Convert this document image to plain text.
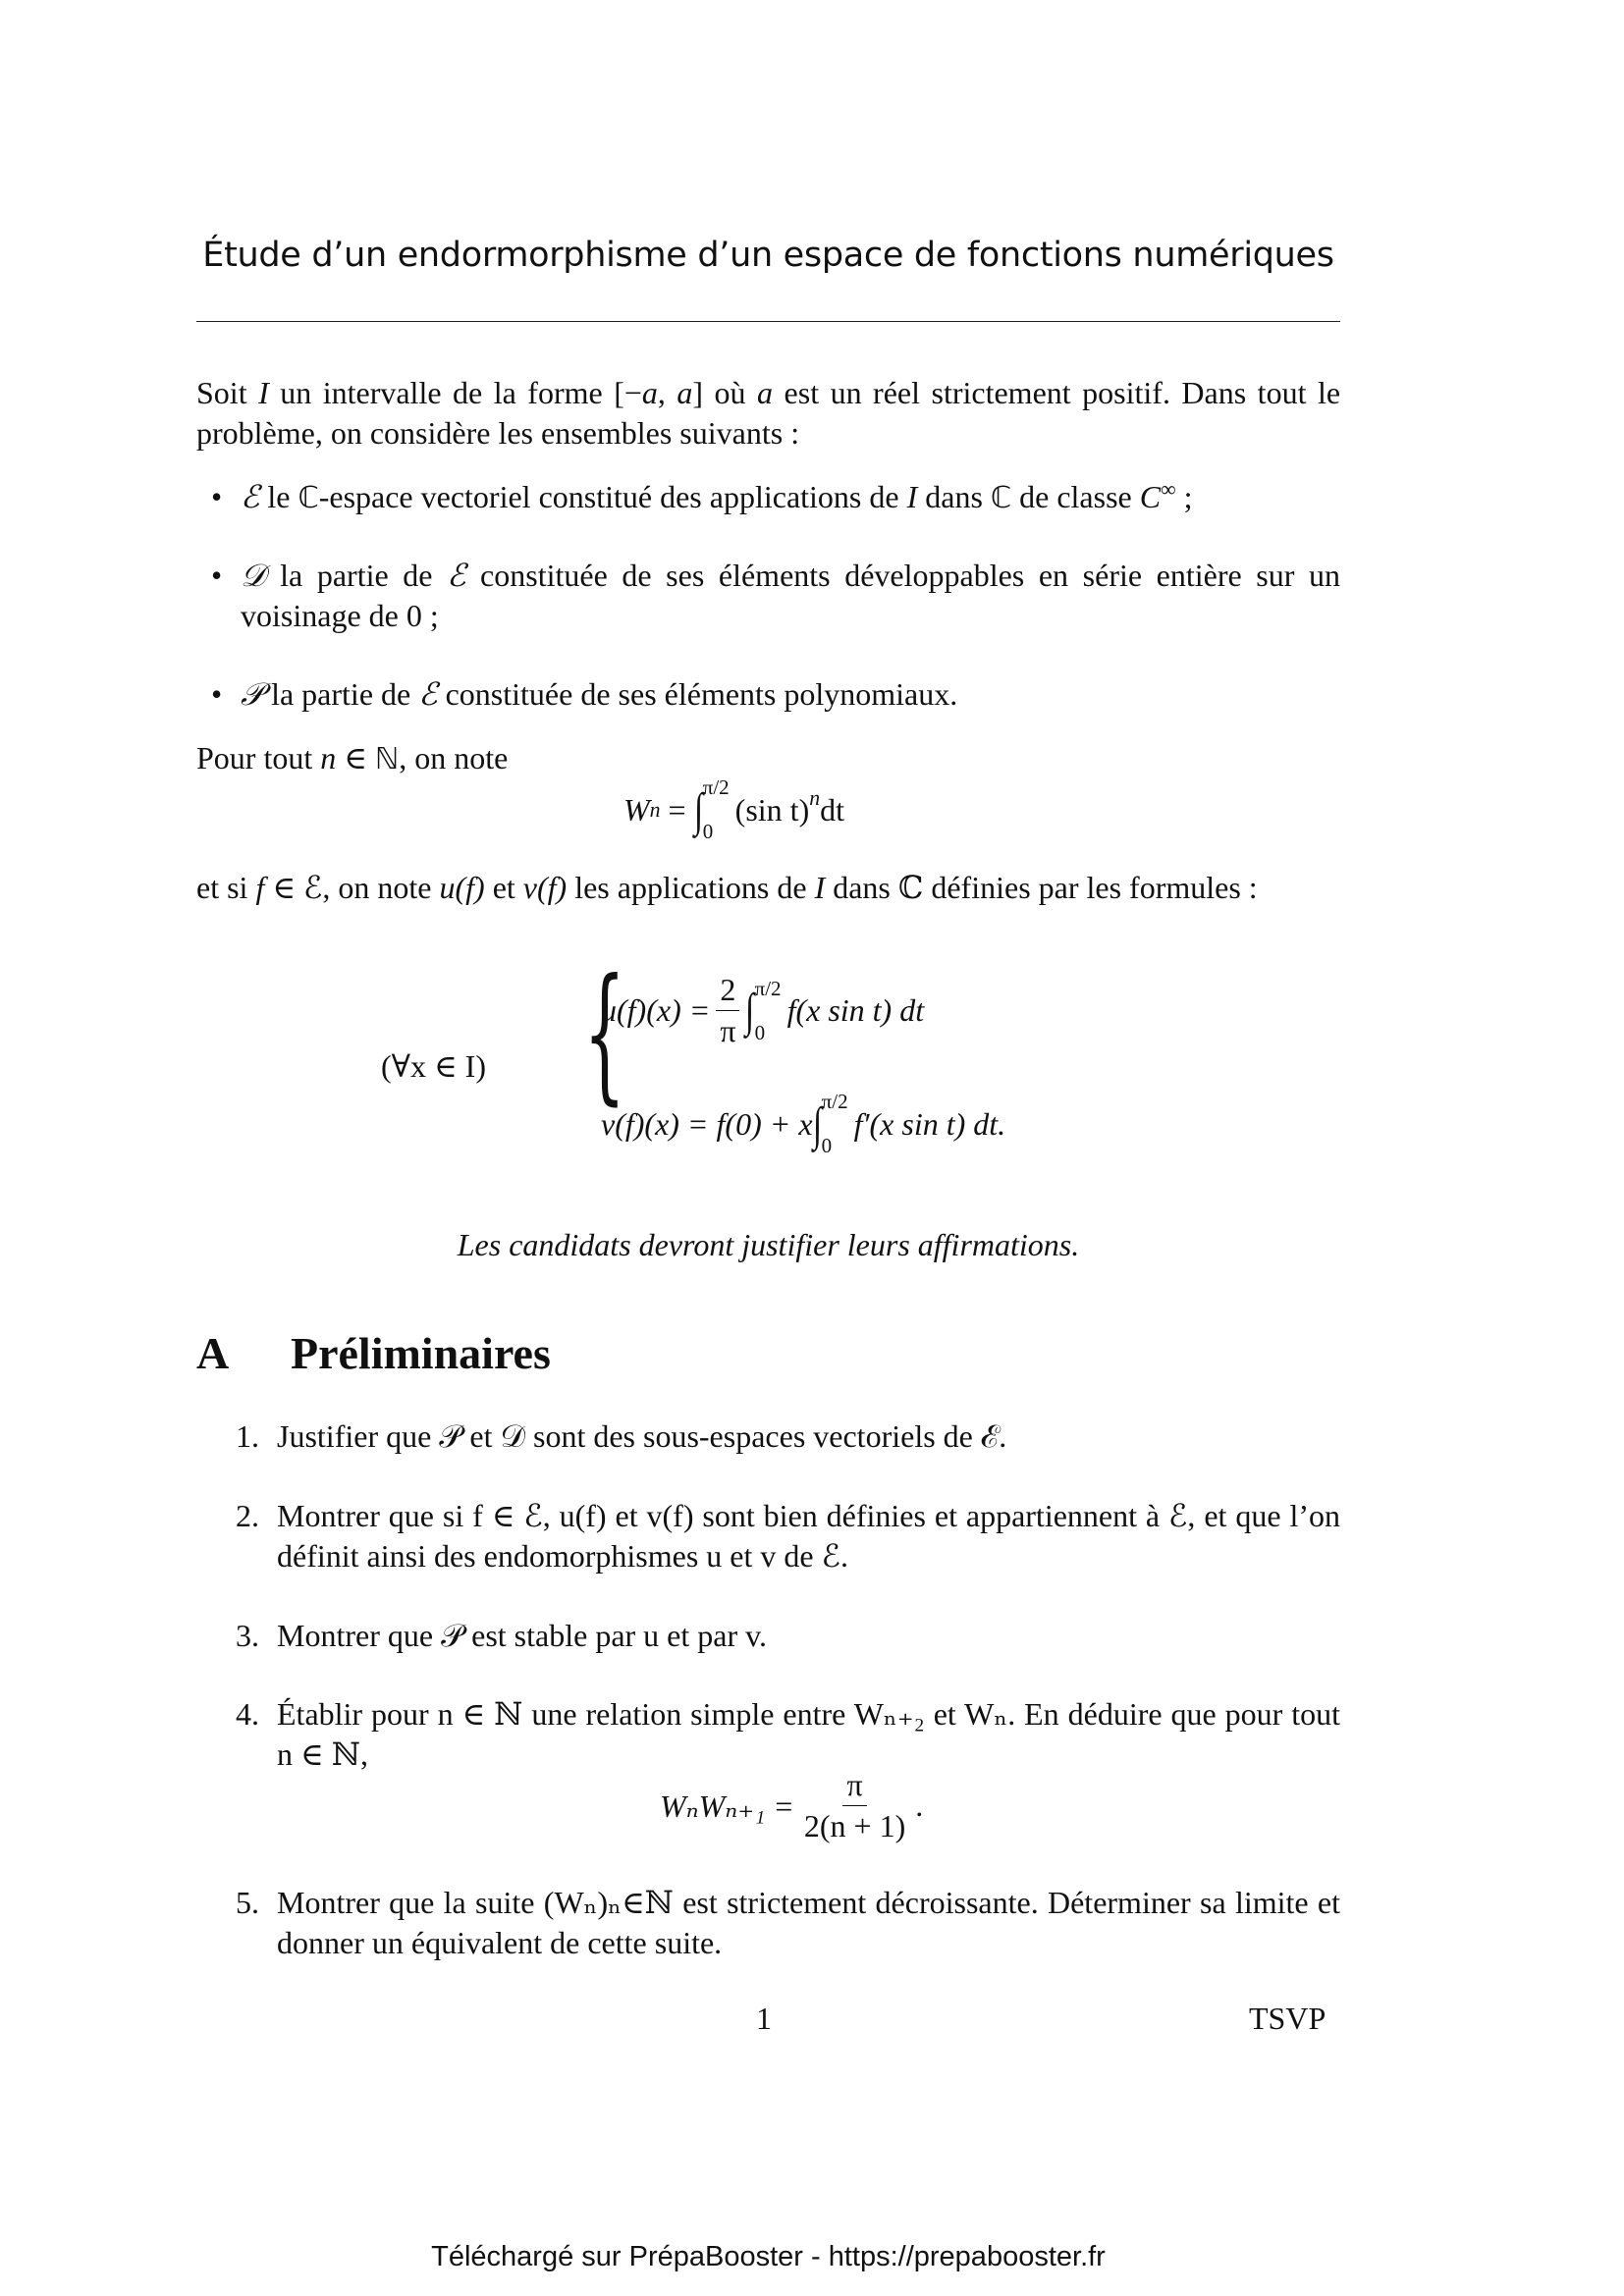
Étude d’un endormorphisme d’un espace de fonctions numériques
Soit I un intervalle de la forme [−a, a] où a est un réel strictement positif. Dans tout le problème, on considère les ensembles suivants :
• ℰ le ℂ-espace vectoriel constitué des applications de I dans ℂ de classe C∞ ;
• 𝒟 la partie de ℰ constituée de ses éléments développables en série entière sur un voisinage de 0 ;
• 𝒫 la partie de ℰ constituée de ses éléments polynomiaux.
Pour tout n ∈ ℕ, on note
W n = ∫ π/2
0
(sin t)$^n$ dt
et si f ∈ ℰ, on note u(f) et v(f) les applications de I dans ℂ définies par les formules :
(∀x ∈ I) {
$u(f)(x) = \frac{2}{\pi}$ ∫ π/2
0
f(x sin t) dt
v(f)(x) = f(0) + x ∫ π/2
0
f′(x sin t) dt.
Les candidats devront justifier leurs affirmations.
A Préliminaires
1. Justifier que 𝒫 et 𝒟 sont des sous-espaces vectoriels de ℰ.
2. Montrer que si f ∈ ℰ, u(f) et v(f) sont bien définies et appartiennent à ℰ, et que l’on définit ainsi des endomorphismes u et v de ℰ.
3. Montrer que 𝒫 est stable par u et par v.
4. Établir pour n ∈ ℕ une relation simple entre Wₙ₊₂ et Wₙ. En déduire que pour tout n ∈ ℕ,
$W_nW_{n+1} = \frac{\pi}{2(n + 1)}$ .
5. Montrer que la suite (Wₙ)ₙ∈ℕ est strictement décroissante. Déterminer sa limite et donner un équivalent de cette suite.
1	TSVP
Téléchargé sur PrépaBooster - https://prepabooster.fr
